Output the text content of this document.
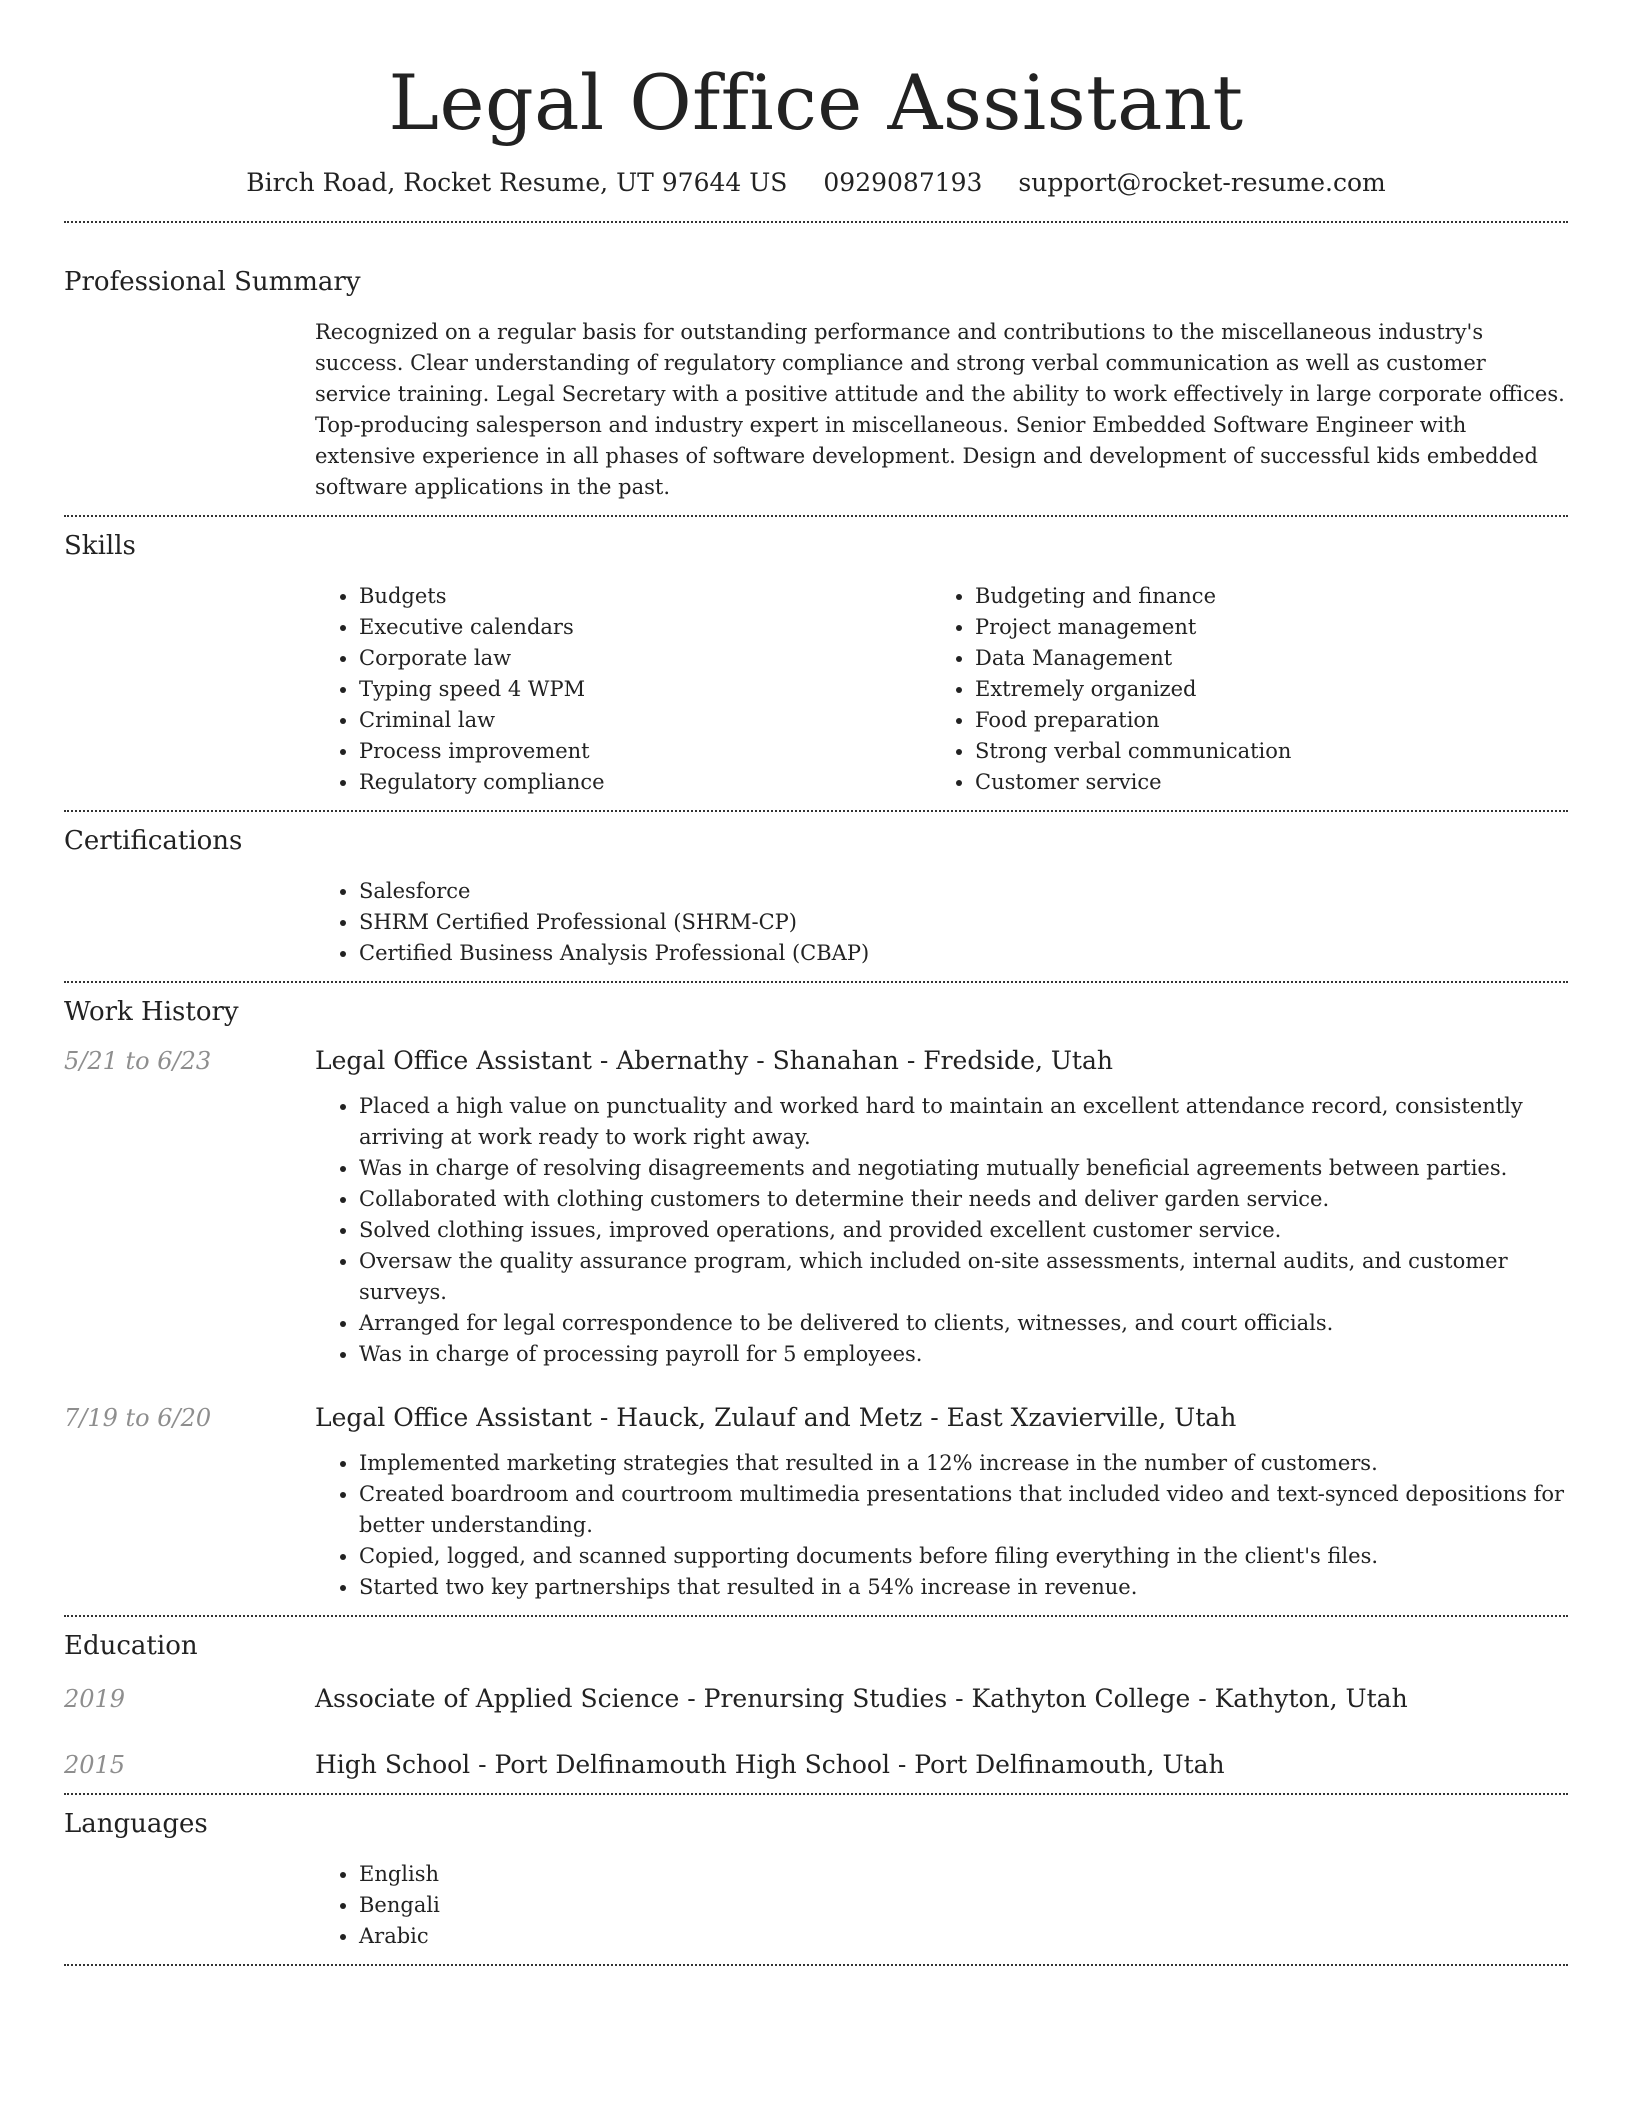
Legal Office Assistant
Birch Road, Rocket Resume, UT 97644 US 0929087193 support@rocket-resume.com
Professional Summary
Recognized on a regular basis for outstanding performance and contributions to the miscellaneous industry's success. Clear understanding of regulatory compliance and strong verbal communication as well as customer service training. Legal Secretary with a positive attitude and the ability to work effectively in large corporate offices. Top-producing salesperson and industry expert in miscellaneous. Senior Embedded Software Engineer with extensive experience in all phases of software development. Design and development of successful kids embedded software applications in the past.
Skills
• Budgets
• Executive calendars
• Corporate law
• Typing speed 4 WPM
• Criminal law
• Process improvement
• Regulatory compliance
• Budgeting and finance
• Project management
• Data Management
• Extremely organized
• Food preparation
• Strong verbal communication
• Customer service
Certifications
• Salesforce
• SHRM Certified Professional (SHRM-CP)
• Certified Business Analysis Professional (CBAP)
Work History
5/21 to 6/23	Legal Office Assistant - Abernathy - Shanahan - Fredside, Utah
• Placed a high value on punctuality and worked hard to maintain an excellent attendance record, consistently arriving at work ready to work right away.
• Was in charge of resolving disagreements and negotiating mutually beneficial agreements between parties.
• Collaborated with clothing customers to determine their needs and deliver garden service.
• Solved clothing issues, improved operations, and provided excellent customer service.
• Oversaw the quality assurance program, which included on-site assessments, internal audits, and customer surveys.
• Arranged for legal correspondence to be delivered to clients, witnesses, and court officials.
• Was in charge of processing payroll for 5 employees.
7/19 to 6/20	Legal Office Assistant - Hauck, Zulauf and Metz - East Xzavierville, Utah
• Implemented marketing strategies that resulted in a 12% increase in the number of customers.
• Created boardroom and courtroom multimedia presentations that included video and text-synced depositions for better understanding.
• Copied, logged, and scanned supporting documents before filing everything in the client's files.
• Started two key partnerships that resulted in a 54% increase in revenue.
Education
2019	Associate of Applied Science - Prenursing Studies - Kathyton College - Kathyton, Utah
2015	High School - Port Delfinamouth High School - Port Delfinamouth, Utah
Languages
• English
• Bengali
• Arabic
